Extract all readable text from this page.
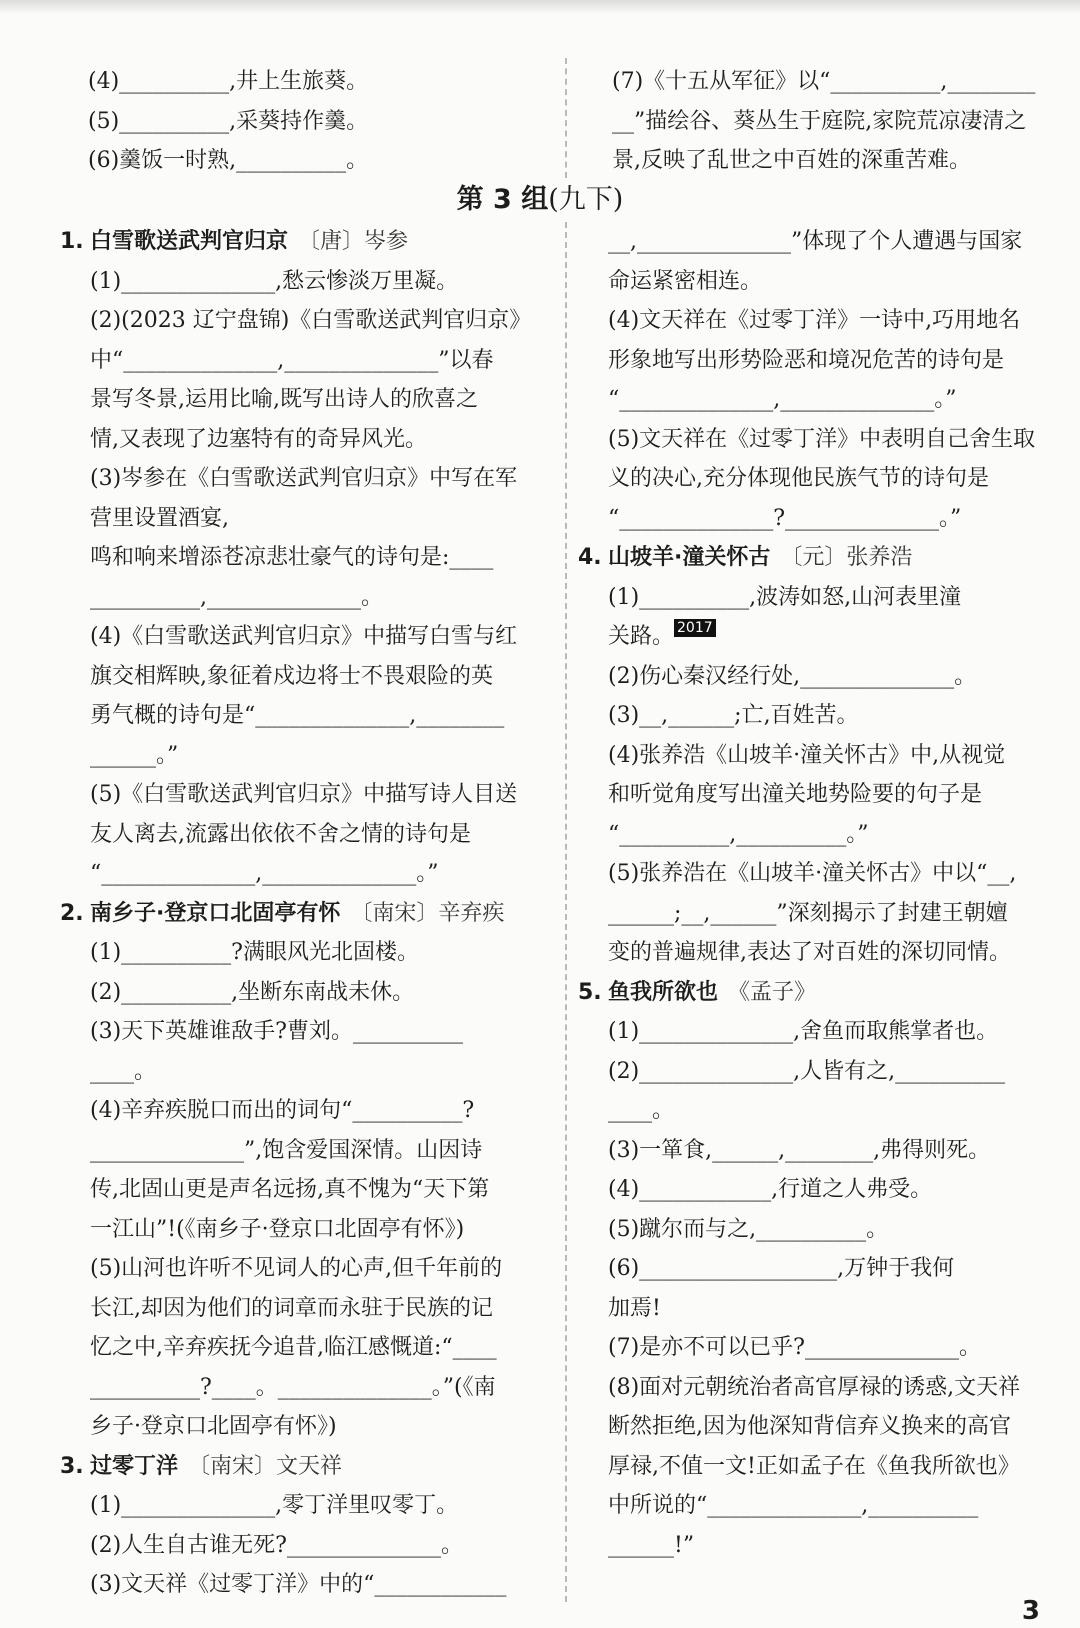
(4)__________,井上生旅葵。

(5)__________,采葵持作羹。

(6)羹饭一时熟,__________。

(7)《十五从军征》以“__________,________

__”描绘谷、葵丛生于庭院,家院荒凉凄清之

景,反映了乱世之中百姓的深重苦难。

第 3 组(九下)

1. 白雪歌送武判官归京 〔唐〕岑参

(1)______________,愁云惨淡万里凝。

(2)(2023 辽宁盘锦)《白雪歌送武判官归京》

中“______________,______________”以春

景写冬景,运用比喻,既写出诗人的欣喜之

情,又表现了边塞特有的奇异风光。

(3)岑参在《白雪歌送武判官归京》中写在军

营里设置酒宴,

鸣和响来增添苍凉悲壮豪气的诗句是:____

__________,______________。

(4)《白雪歌送武判官归京》中描写白雪与红

旗交相辉映,象征着戍边将士不畏艰险的英

勇气概的诗句是“______________,________

______。”

(5)《白雪歌送武判官归京》中描写诗人目送

友人离去,流露出依依不舍之情的诗句是

“______________,______________。”

2. 南乡子·登京口北固亭有怀 〔南宋〕辛弃疾

(1)__________?满眼风光北固楼。

(2)__________,坐断东南战未休。

(3)天下英雄谁敌手?曹刘。__________

____。

(4)辛弃疾脱口而出的词句“__________?

______________”,饱含爱国深情。山因诗

传,北固山更是声名远扬,真不愧为“天下第

一江山”!(《南乡子·登京口北固亭有怀》)

(5)山河也许听不见词人的心声,但千年前的

长江,却因为他们的词章而永驻于民族的记

忆之中,辛弃疾抚今追昔,临江感慨道:“____

__________?____。______________。”(《南

乡子·登京口北固亭有怀》)

3. 过零丁洋 〔南宋〕文天祥

(1)______________,零丁洋里叹零丁。

(2)人生自古谁无死?______________。

(3)文天祥《过零丁洋》中的“____________

__,______________”体现了个人遭遇与国家

命运紧密相连。

(4)文天祥在《过零丁洋》一诗中,巧用地名

形象地写出形势险恶和境况危苦的诗句是

“______________,______________。”

(5)文天祥在《过零丁洋》中表明自己舍生取

义的决心,充分体现他民族气节的诗句是

“______________?______________。”

4. 山坡羊·潼关怀古 〔元〕张养浩

(1)__________,波涛如怒,山河表里潼

关路。 2017

(2)伤心秦汉经行处,______________。

(3)__,______;亡,百姓苦。

(4)张养浩《山坡羊·潼关怀古》中,从视觉

和听觉角度写出潼关地势险要的句子是

“__________,__________。”

(5)张养浩在《山坡羊·潼关怀古》中以“__,

______;__,______”深刻揭示了封建王朝嬗

变的普遍规律,表达了对百姓的深切同情。

5. 鱼我所欲也 《孟子》

(1)______________,舍鱼而取熊掌者也。

(2)______________,人皆有之,__________

____。

(3)一箪食,______,________,弗得则死。

(4)____________,行道之人弗受。

(5)蹴尔而与之,__________。

(6)__________________,万钟于我何

加焉!

(7)是亦不可以已乎?______________。

(8)面对元朝统治者高官厚禄的诱惑,文天祥

断然拒绝,因为他深知背信弃义换来的高官

厚禄,不值一文!正如孟子在《鱼我所欲也》

中所说的“______________,__________

______!”

3
